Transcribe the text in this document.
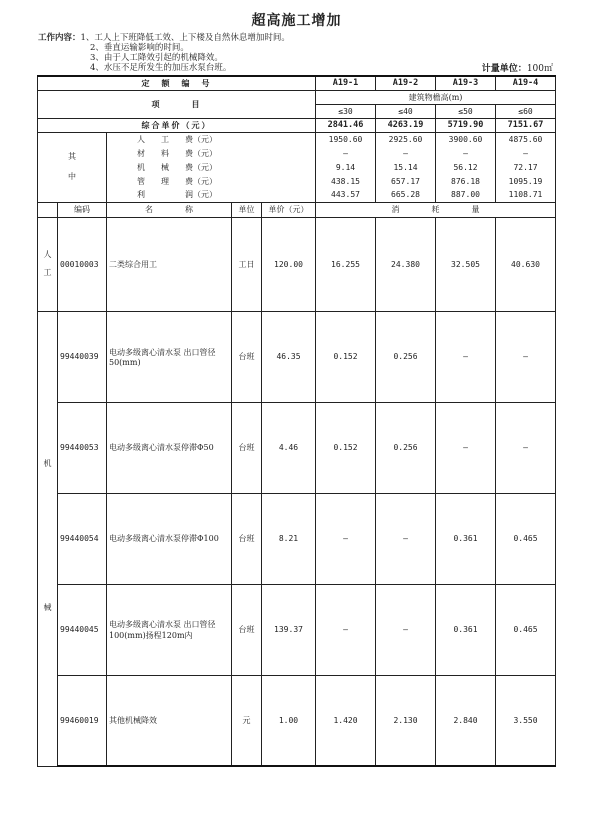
超高施工增加
工作内容：1、工人上下班降低工效、上下楼及自然休息增加时间。
2、垂直运输影响的时间。
3、由于人工降效引起的机械降效。
4、水压不足所发生的加压水泵台班。	计量单位：100㎡
定　额　编　号					A19-1	A19-2	A19-3	A19-4
项　　　目					建筑物檐高(m)			
					≤30	≤40	≤50	≤60
综合单价（元）					2841.46	4263.19	5719.90	7151.67

其
中		人　　工　　费（元）			1950.60	2925.60	3900.60	4875.60
		材　　料　　费（元）			—	—	—	—
		机　　械　　费（元）			9.14	15.14	56.12	72.17
		管　　理　　费（元）			438.15	657.17	876.18	1095.19
		利　　　　　润（元）			443.57	665.28	887.00	1108.71
	编码	名　　　　称	单位	单价（元）	消　　　　耗　　　　量			

人
工	00010003	二类综合用工	工日	120.00	16.255	24.380	32.505	40.630

机
械	99440039	电动多级离心清水泵 出口管径50(mm)	台班	46.35	0.152	0.256	—	—
	99440053	电动多级离心清水泵停滞Φ50	台班	4.46	0.152	0.256	—	—
	99440054	电动多级离心清水泵停滞Φ100	台班	8.21	—	—	0.361	0.465
	99440045	电动多级离心清水泵 出口管径100(mm)扬程120m内	台班	139.37	—	—	0.361	0.465
	99460019	其他机械降效	元	1.00	1.420	2.130	2.840	3.550
